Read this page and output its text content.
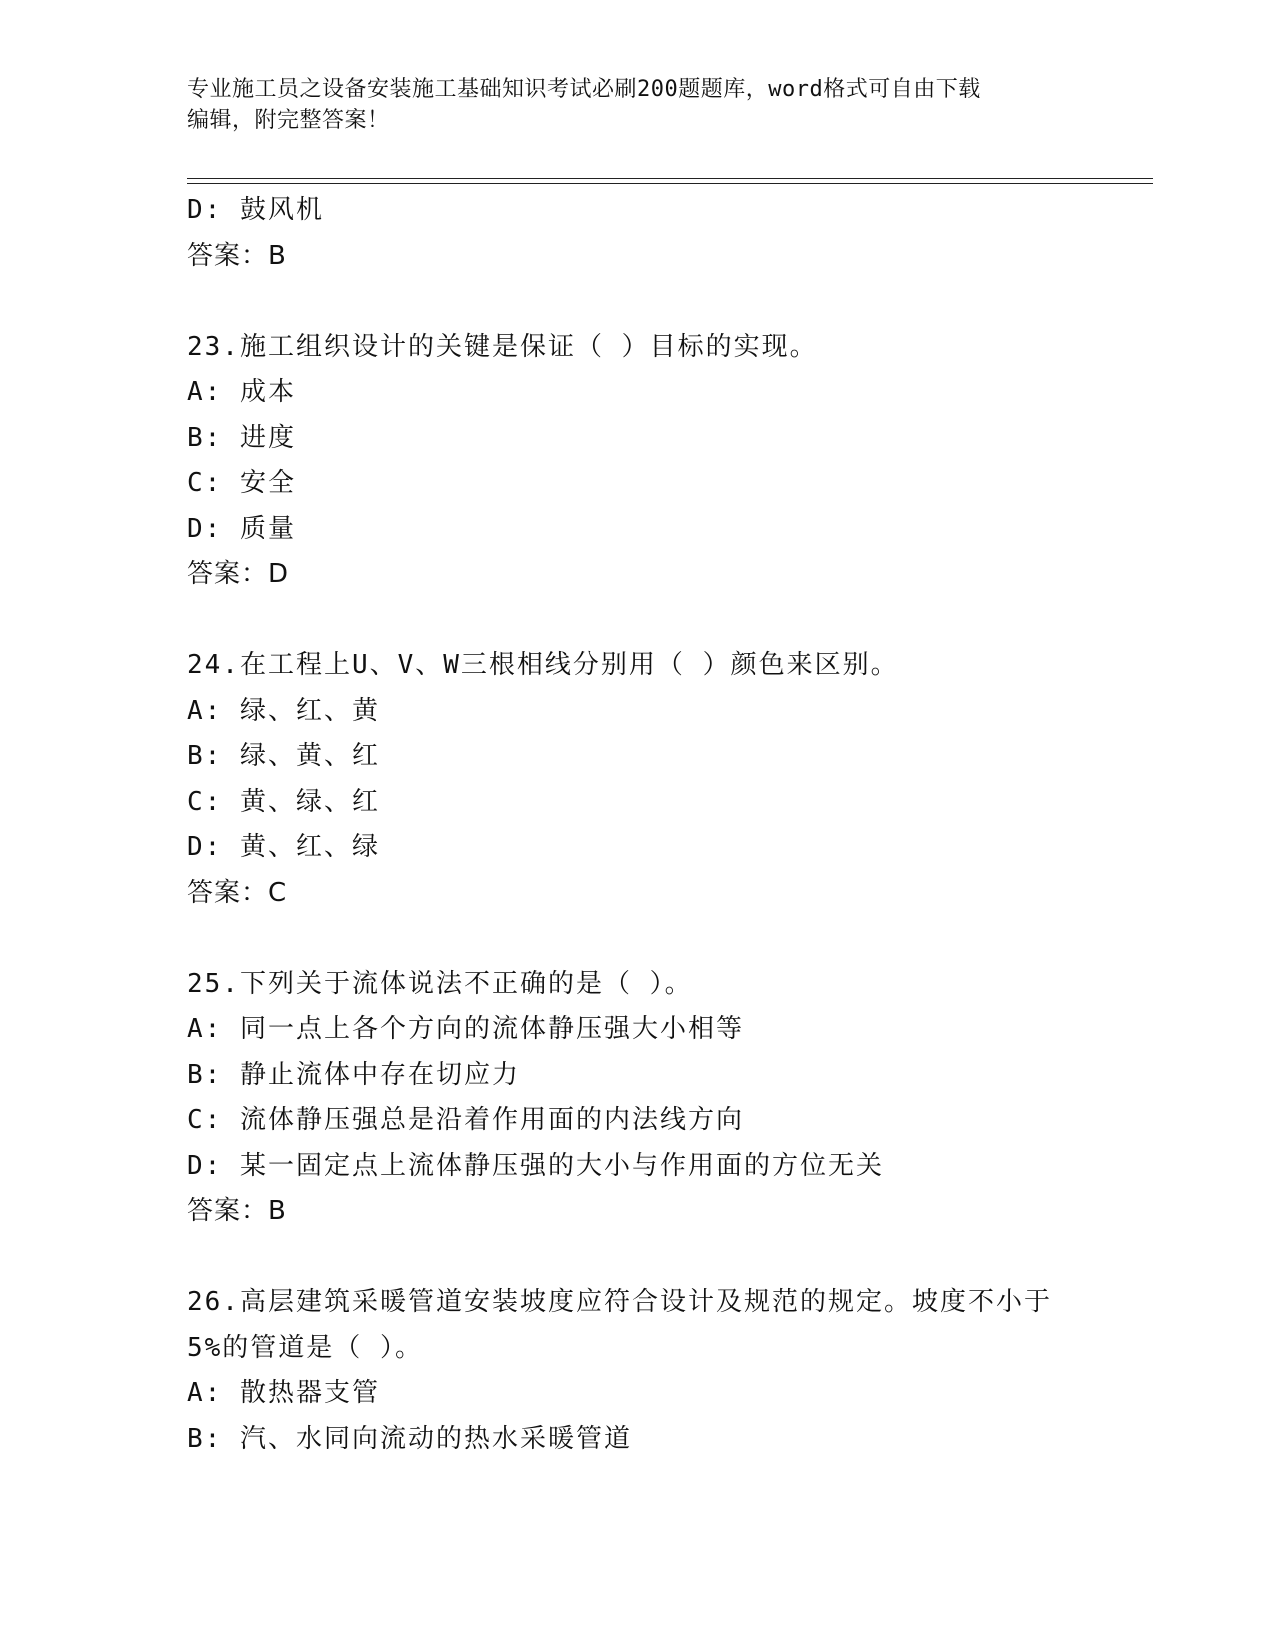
专业施工员之设备安装施工基础知识考试必刷200题题库，word格式可自由下载
编辑，附完整答案！
D: 鼓风机
答案：B
23.施工组织设计的关键是保证（ ）目标的实现。
A: 成本
B: 进度
C: 安全
D: 质量
答案：D
24.在工程上U、V、W三根相线分别用（ ）颜色来区别。
A: 绿、红、黄
B: 绿、黄、红
C: 黄、绿、红
D: 黄、红、绿
答案：C
25.下列关于流体说法不正确的是（ ）。
A: 同一点上各个方向的流体静压强大小相等
B: 静止流体中存在切应力
C: 流体静压强总是沿着作用面的内法线方向
D: 某一固定点上流体静压强的大小与作用面的方位无关
答案：B
26.高层建筑采暖管道安装坡度应符合设计及规范的规定。坡度不小于
5%的管道是（ ）。
A: 散热器支管
B: 汽、水同向流动的热水采暖管道
